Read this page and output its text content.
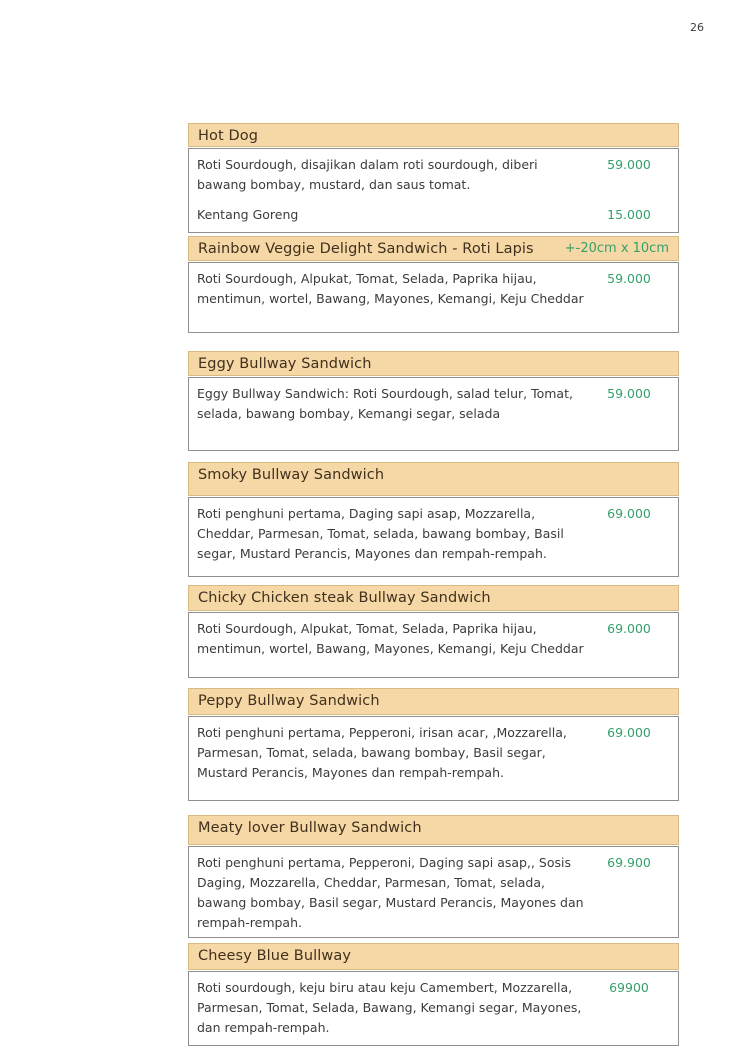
26
Hot Dog

Roti Sourdough, disajikan dalam roti sourdough, diberi bawang bombay, mustard, dan saus tomat.

59.000

Kentang Goreng	15.000
Rainbow Veggie Delight Sandwich - Roti Lapis +-20cm x 10cm

Roti Sourdough, Alpukat, Tomat, Selada, Paprika hijau, mentimun, wortel, Bawang, Mayones, Kemangi, Keju Cheddar

59.000
Eggy Bullway Sandwich

Eggy Bullway Sandwich: Roti Sourdough, salad telur, Tomat, selada, bawang bombay, Kemangi segar, selada

59.000
Smoky Bullway Sandwich

Roti penghuni pertama, Daging sapi asap, Mozzarella, Cheddar, Parmesan, Tomat, selada, bawang bombay, Basil segar, Mustard Perancis, Mayones dan rempah-rempah.

69.000
Chicky Chicken steak Bullway Sandwich

Roti Sourdough, Alpukat, Tomat, Selada, Paprika hijau, mentimun, wortel, Bawang, Mayones, Kemangi, Keju Cheddar

69.000
Peppy Bullway Sandwich

Roti penghuni pertama, Pepperoni, irisan acar, ,Mozzarella, Parmesan, Tomat, selada, bawang bombay, Basil segar, Mustard Perancis, Mayones dan rempah-rempah.

69.000
Meaty lover Bullway Sandwich

Roti penghuni pertama, Pepperoni, Daging sapi asap,, Sosis Daging, Mozzarella, Cheddar, Parmesan, Tomat, selada, bawang bombay, Basil segar, Mustard Perancis, Mayones dan rempah-rempah.

69.900
Cheesy Blue Bullway

Roti sourdough, keju biru atau keju Camembert, Mozzarella, Parmesan, Tomat, Selada, Bawang, Kemangi segar, Mayones, dan rempah-rempah.

69900
